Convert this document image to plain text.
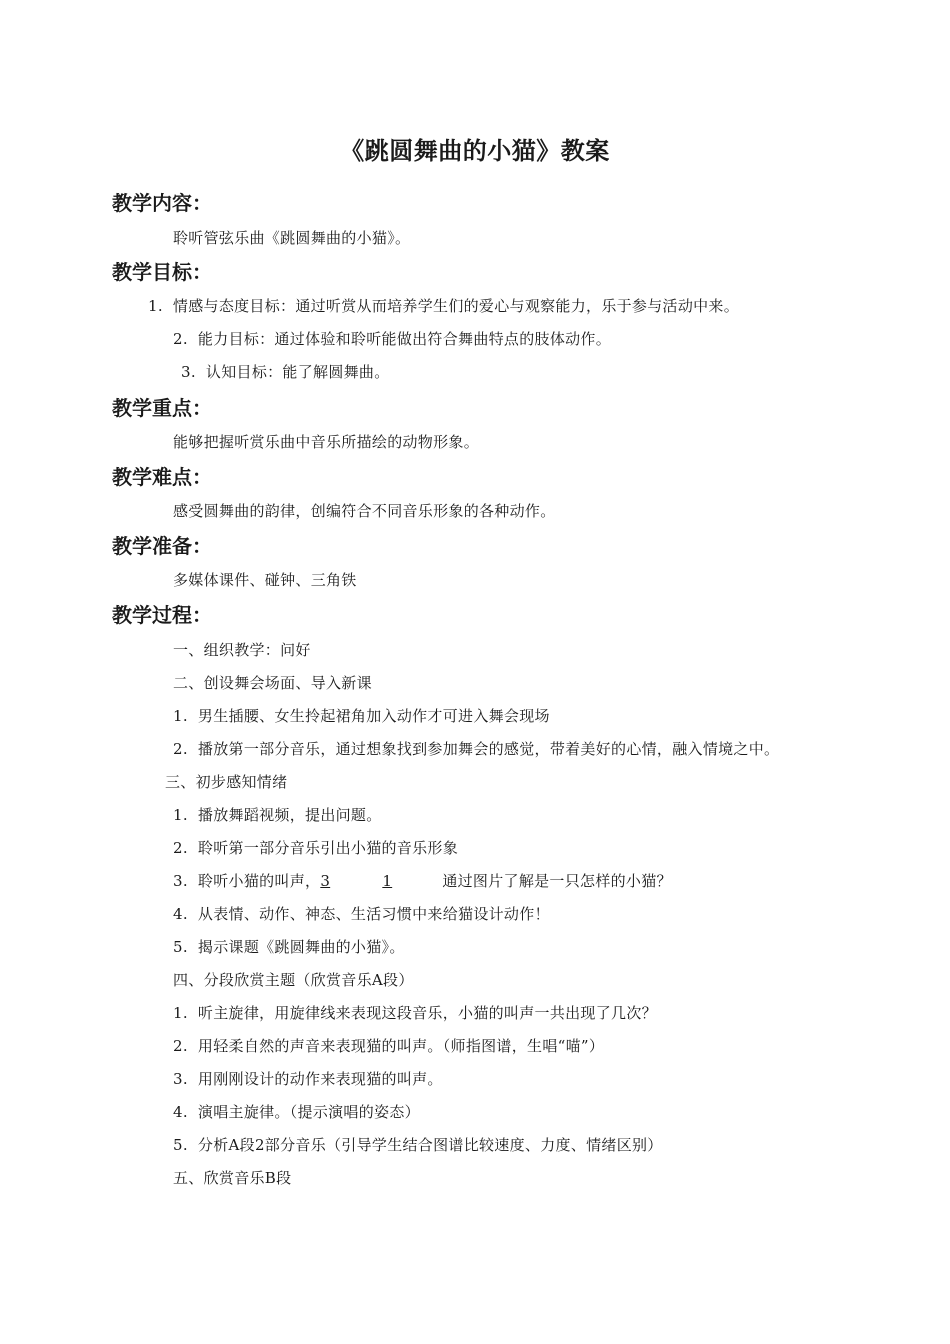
《跳圆舞曲的小猫》教案
教学内容：
聆听管弦乐曲《跳圆舞曲的小猫》。
教学目标：
1. 情感与态度目标：通过听赏从而培养学生们的爱心与观察能力，乐于参与活动中来。
2. 能力目标：通过体验和聆听能做出符合舞曲特点的肢体动作。
3. 认知目标：能了解圆舞曲。
教学重点：
能够把握听赏乐曲中音乐所描绘的动物形象。
教学难点：
感受圆舞曲的韵律，创编符合不同音乐形象的各种动作。
教学准备：
多媒体课件、碰钟、三角铁
教学过程：
一、组织教学：问好
二、创设舞会场面、导入新课
1. 男生插腰、女生拎起裙角加入动作才可进入舞会现场
2. 播放第一部分音乐，通过想象找到参加舞会的感觉，带着美好的心情，融入情境之中。
三、初步感知情绪
1. 播放舞蹈视频，提出问题。
2. 聆听第一部分音乐引出小猫的音乐形象
3. 聆听小猫的叫声，3	1	通过图片了解是一只怎样的小猫？
4. 从表情、动作、神态、生活习惯中来给猫设计动作！
5. 揭示课题《跳圆舞曲的小猫》。
四、分段欣赏主题（欣赏音乐A段）
1. 听主旋律，用旋律线来表现这段音乐，小猫的叫声一共出现了几次？
2. 用轻柔自然的声音来表现猫的叫声。（师指图谱，生唱“喵”）
3. 用刚刚设计的动作来表现猫的叫声。
4. 演唱主旋律。（提示演唱的姿态）
5. 分析A段2部分音乐（引导学生结合图谱比较速度、力度、情绪区别）
五、欣赏音乐B段
